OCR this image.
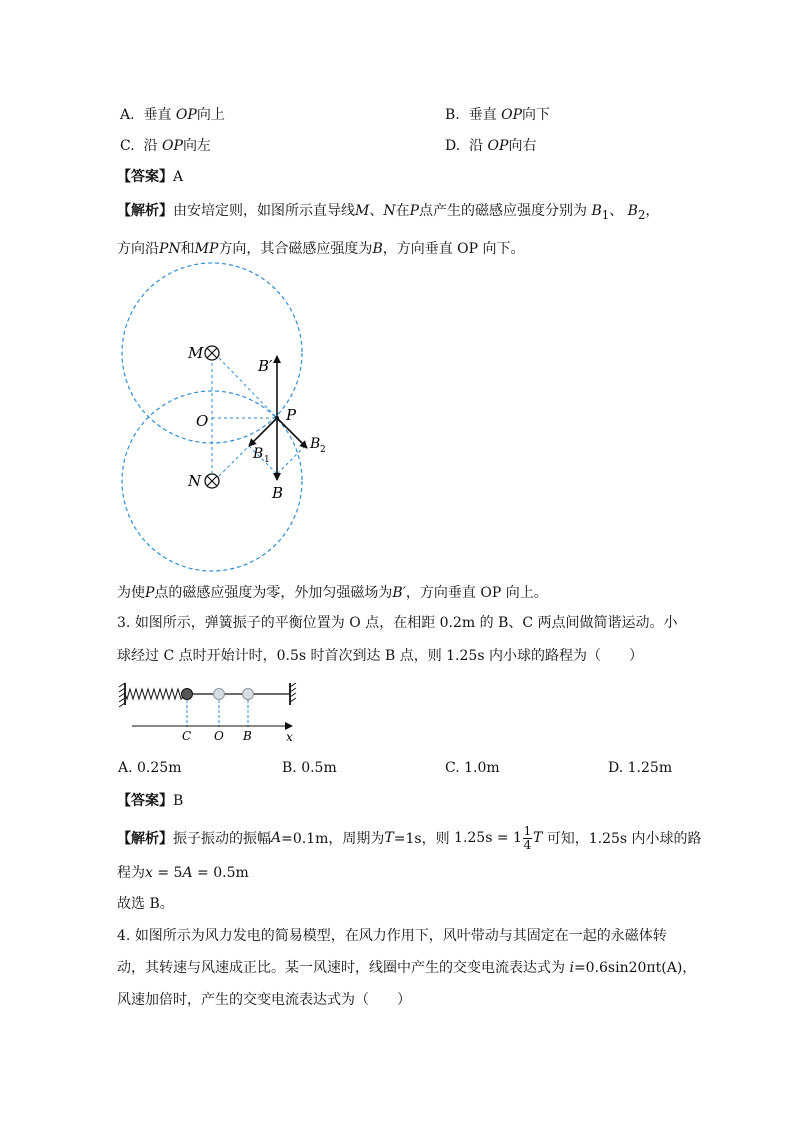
A. 垂直 OP向上	B. 垂直 OP向下
C. 沿 OP向左	D. 沿 OP向右
【答案】A
【解析】由安培定则，如图所示直导线M、N在P点产生的磁感应强度分别为 $B_1$、 $B_2$，
方向沿PN和MP方向，其合磁感应强度为B，方向垂直 OP 向下。
M
N
O	P
B′
B 1
B 2
B
为使P点的磁感应强度为零，外加匀强磁场为B′，方向垂直 OP 向上。
3. 如图所示，弹簧振子的平衡位置为 O 点，在相距 0.2m 的 B、C 两点间做简谐运动。小
球经过 C 点时开始计时，0.5s 时首次到达 B 点，则 1.25s 内小球的路程为（　　）
C O B	x
A. 0.25m	B. 0.5m	C. 1.0m	D. 1.25m
【答案】B
【解析】 振子振动的振幅 A =0.1m，周期为 T =1s，则
$1.25s = 1 \frac{1}{4}$ T
可知，1.25s 内小球的路
程为x = 5A = 0.5m
故选 B。
4. 如图所示为风力发电的简易模型，在风力作用下，风叶带动与其固定在一起的永磁体转
动，其转速与风速成正比。某一风速时，线圈中产生的交变电流表达式为 i=0.6sin20πt(A)，
风速加倍时，产生的交变电流表达式为（　　）
